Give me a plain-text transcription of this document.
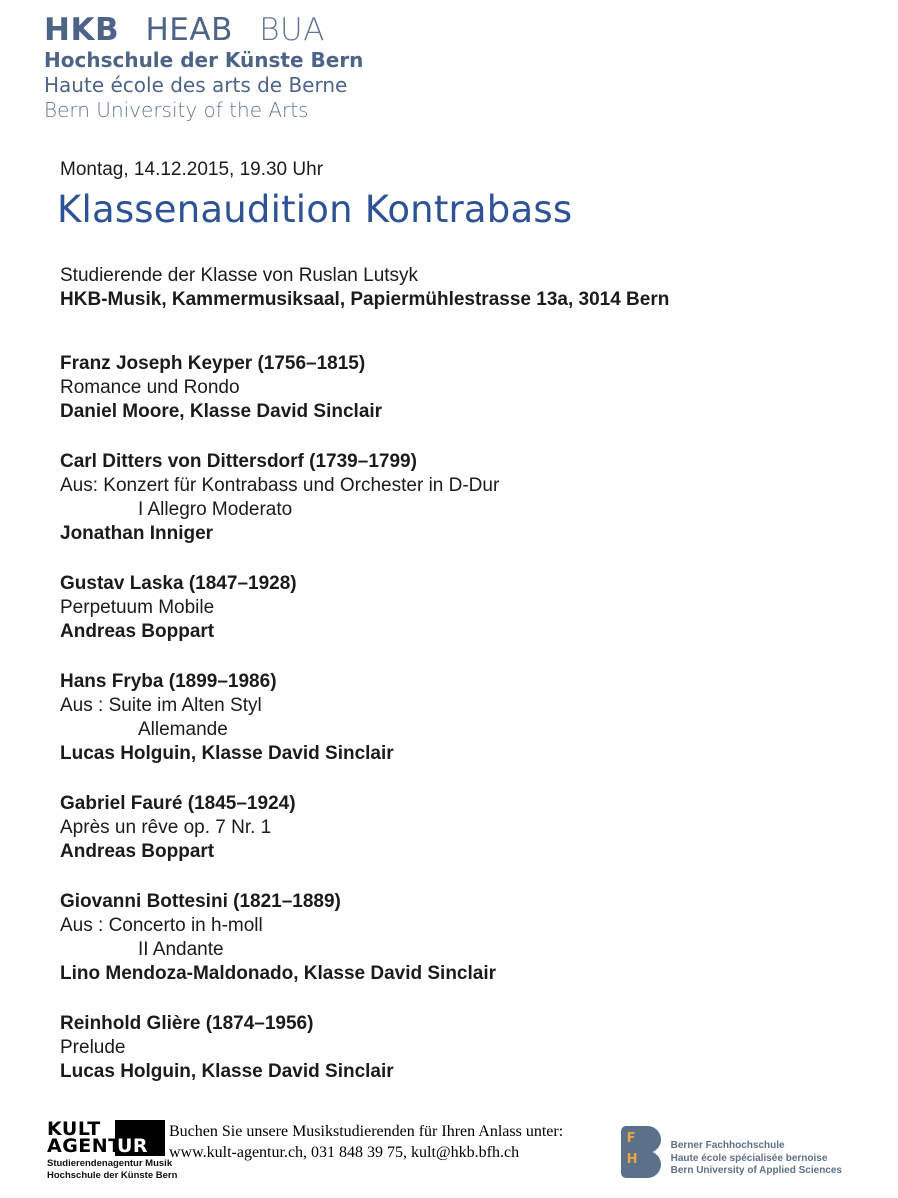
HKB HEAB BUA
Hochschule der Künste Bern
Haute école des arts de Berne
Bern University of the Arts
Montag, 14.12.2015, 19.30 Uhr
Klassenaudition Kontrabass
Studierende der Klasse von Ruslan Lutsyk
HKB-Musik, Kammermusiksaal, Papiermühlestrasse 13a, 3014 Bern
Franz Joseph Keyper (1756–1815)
Romance und Rondo
Daniel Moore, Klasse David Sinclair
Carl Ditters von Dittersdorf (1739–1799)
Aus: Konzert für Kontrabass und Orchester in D-Dur
I Allegro Moderato
Jonathan Inniger
Gustav Laska (1847–1928)
Perpetuum Mobile
Andreas Boppart
Hans Fryba (1899–1986)
Aus : Suite im Alten Styl
Allemande
Lucas Holguin, Klasse David Sinclair
Gabriel Fauré (1845–1924)
Après un rêve op. 7 Nr. 1
Andreas Boppart
Giovanni Bottesini (1821–1889)
Aus : Concerto in h-moll
II Andante
Lino Mendoza-Maldonado, Klasse David Sinclair
Reinhold Glière (1874–1956)
Prelude
Lucas Holguin, Klasse David Sinclair
KULT
AGENT
UR
Studierendenagentur Musik
Hochschule der Künste Bern
Buchen Sie unsere Musikstudierenden für Ihren Anlass unter:
www.kult-agentur.ch, 031 848 39 75, kult@hkb.bfh.ch
F
H
Berner Fachhochschule
Haute école spécialisée bernoise
Bern University of Applied Sciences
